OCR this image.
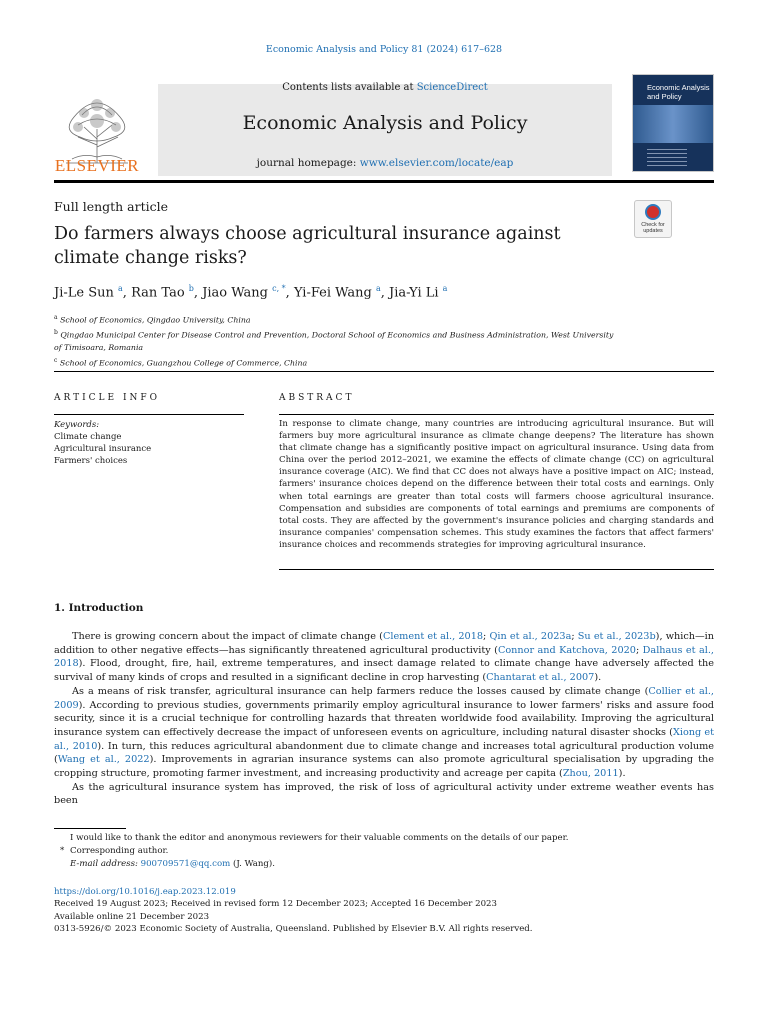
Economic Analysis and Policy 81 (2024) 617–628
ELSEVIER
Contents lists available at ScienceDirect
Economic Analysis and Policy
journal homepage: www.elsevier.com/locate/eap
Economic Analysis and Policy
Full length article
Check for
updates
Do farmers always choose agricultural insurance against climate change risks?
Ji-Le Sun $^a$, Ran Tao $^b$, Jiao Wang $^{c, *}$, Yi-Fei Wang $^a$, Jia-Yi Li $^a$
$^a$ School of Economics, Qingdao University, China
$^b$ Qingdao Municipal Center for Disease Control and Prevention, Doctoral School of Economics and Business Administration, West University of Timisoara, Romania
$^c$ School of Economics, Guangzhou College of Commerce, China
ARTICLE INFO
Keywords:
Climate change
Agricultural insurance
Farmers' choices
ABSTRACT
In response to climate change, many countries are introducing agricultural insurance. But will farmers buy more agricultural insurance as climate change deepens? The literature has shown that climate change has a significantly positive impact on agricultural insurance. Using data from China over the period 2012–2021, we examine the effects of climate change (CC) on agricultural insurance coverage (AIC). We find that CC does not always have a positive impact on AIC; instead, farmers' insurance choices depend on the difference between their total costs and earnings. Only when total earnings are greater than total costs will farmers choose agricultural insurance. Compensation and subsidies are components of total earnings and premiums are components of total costs. They are affected by the government's insurance policies and charging standards and insurance companies' compensation schemes. This study examines the factors that affect farmers' insurance choices and recommends strategies for improving agricultural insurance.
1. Introduction

There is growing concern about the impact of climate change (Clement et al., 2018; Qin et al., 2023a; Su et al., 2023b), which—in addition to other negative effects—has significantly threatened agricultural productivity (Connor and Katchova, 2020; Dalhaus et al., 2018). Flood, drought, fire, hail, extreme temperatures, and insect damage related to climate change have adversely affected the survival of many kinds of crops and resulted in a significant decline in crop harvesting (Chantarat et al., 2007).

As a means of risk transfer, agricultural insurance can help farmers reduce the losses caused by climate change (Collier et al., 2009). According to previous studies, governments primarily employ agricultural insurance to lower farmers' risks and assure food security, since it is a crucial technique for controlling hazards that threaten worldwide food availability. Improving the agricultural insurance system can effectively decrease the impact of unforeseen events on agriculture, including natural disaster shocks (Xiong et al., 2010). In turn, this reduces agricultural abandonment due to climate change and increases total agricultural production volume (Wang et al., 2022). Improvements in agrarian insurance systems can also promote agricultural specialisation by upgrading the cropping structure, promoting farmer investment, and increasing productivity and acreage per capita (Zhou, 2011).

As the agricultural insurance system has improved, the risk of loss of agricultural activity under extreme weather events has been

I would like to thank the editor and anonymous reviewers for their valuable comments on the details of our paper.
* Corresponding author.
E-mail address: 900709571@qq.com (J. Wang).
https://doi.org/10.1016/j.eap.2023.12.019
Received 19 August 2023; Received in revised form 12 December 2023; Accepted 16 December 2023
Available online 21 December 2023
0313-5926/© 2023 Economic Society of Australia, Queensland. Published by Elsevier B.V. All rights reserved.
